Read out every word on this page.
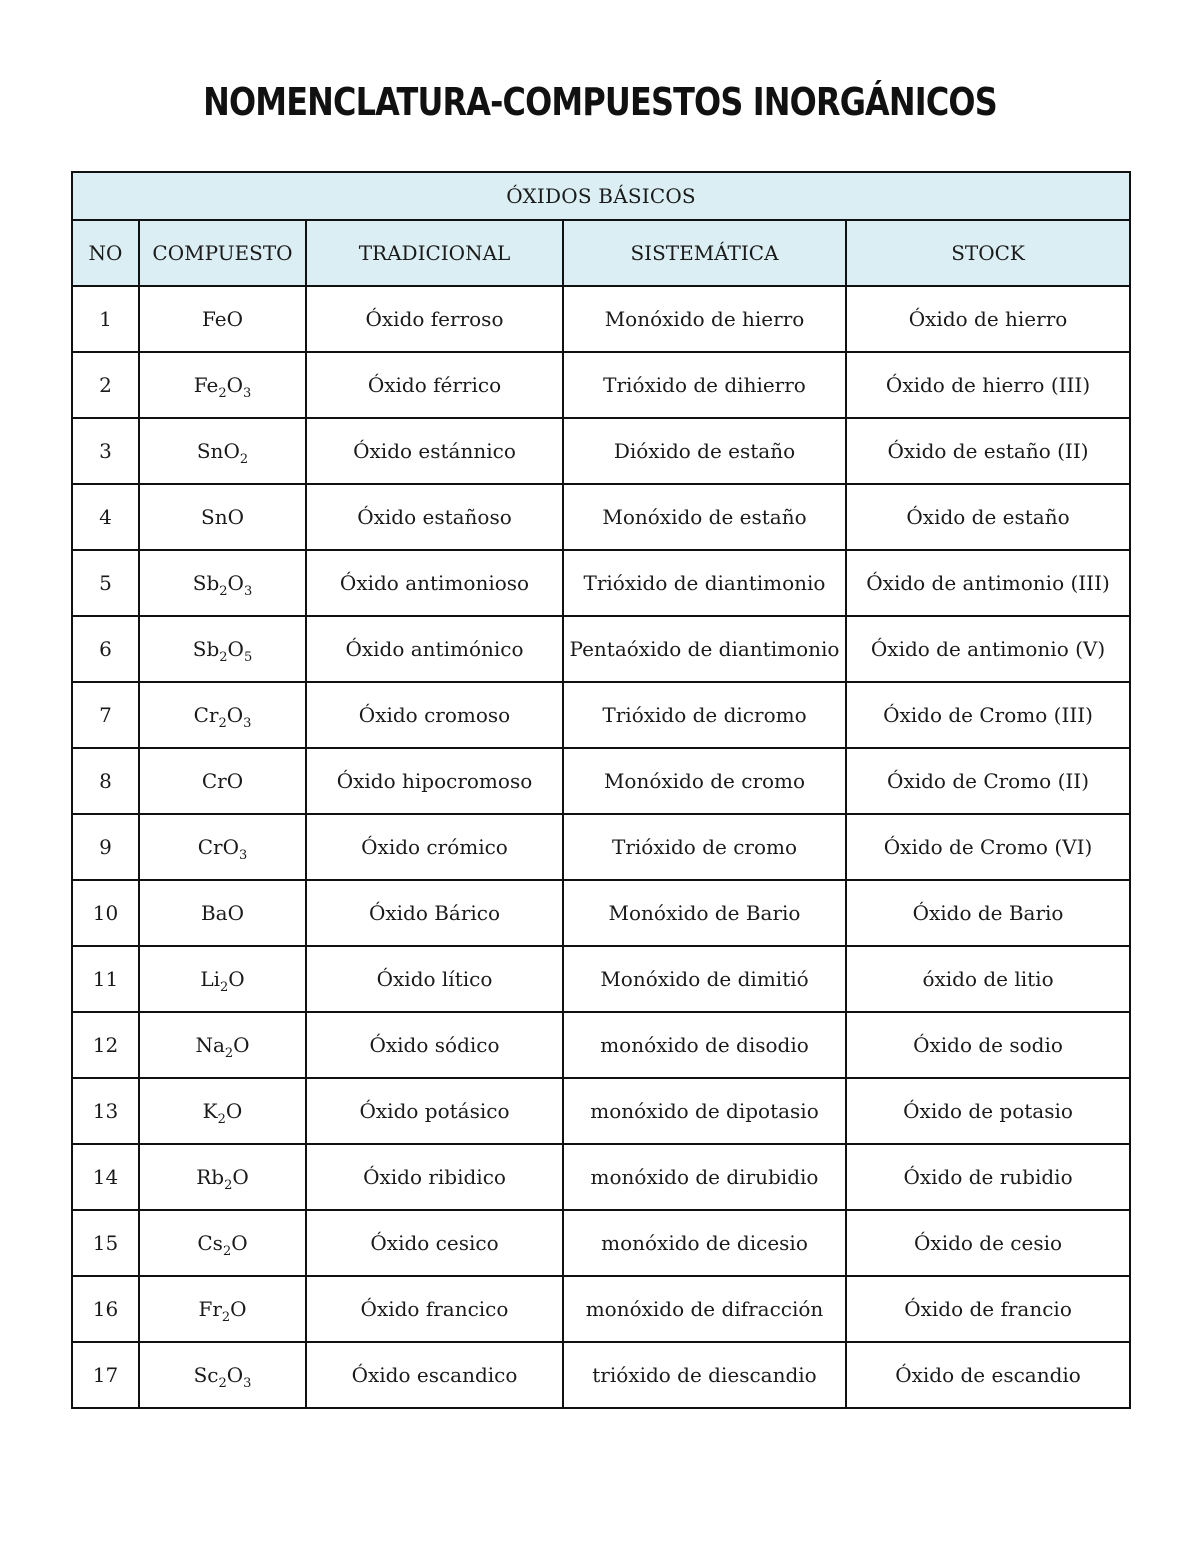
NOMENCLATURA-COMPUESTOS INORGÁNICOS
ÓXIDOS BÁSICOS				
NO	COMPUESTO	TRADICIONAL	SISTEMÁTICA	STOCK
1	FeO	Óxido ferroso	Monóxido de hierro	Óxido de hierro
2	$Fe_2O_3$	Óxido férrico	Trióxido de dihierro	Óxido de hierro (III)
3	SnO$_2$	Óxido estánnico	Dióxido de estaño	Óxido de estaño (II)
4	SnO	Óxido estañoso	Monóxido de estaño	Óxido de estaño
5	$Sb_2O_3$	Óxido antimonioso	Trióxido de diantimonio	Óxido de antimonio (III)
6	$Sb_2O_5$	Óxido antimónico	Pentaóxido de diantimonio	Óxido de antimonio (V)
7	$Cr_2O_3$	Óxido cromoso	Trióxido de dicromo	Óxido de Cromo (III)
8	CrO	Óxido hipocromoso	Monóxido de cromo	Óxido de Cromo (II)
9	CrO$_3$	Óxido crómico	Trióxido de cromo	Óxido de Cromo (VI)
10	BaO	Óxido Bárico	Monóxido de Bario	Óxido de Bario
11	$Li_2O$	Óxido lítico	Monóxido de dimitió	óxido de litio
12	$Na_2O$	Óxido sódico	monóxido de disodio	Óxido de sodio
13	$K_2O$	Óxido potásico	monóxido de dipotasio	Óxido de potasio
14	$Rb_2O$	Óxido ribidico	monóxido de dirubidio	Óxido de rubidio
15	$Cs_2O$	Óxido cesico	monóxido de dicesio	Óxido de cesio
16	$Fr_2O$	Óxido francico	monóxido de difracción	Óxido de francio
17	$Sc_2O_3$	Óxido escandico	trióxido de diescandio	Óxido de escandio
